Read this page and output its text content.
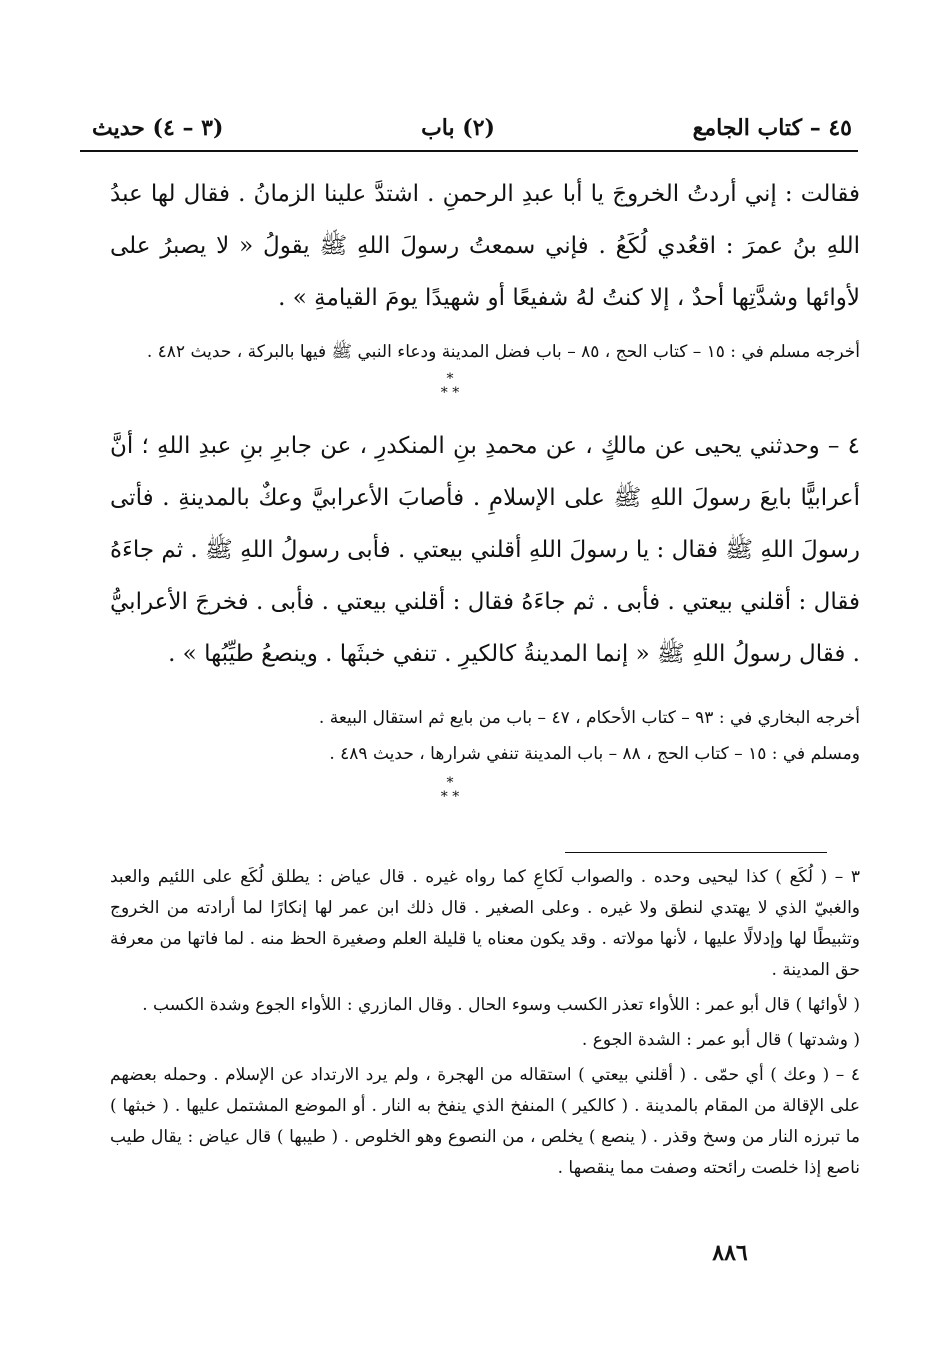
٤٥ – كتاب الجامع
(٢) باب
(٣ – ٤) حديث
فقالت : إني أردتُ الخروجَ يا أبا عبدِ الرحمنِ . اشتدَّ علينا الزمانُ . فقال لها عبدُ اللهِ بنُ عمرَ : اقعُدي لُكَعُ . فإني سمعتُ رسولَ اللهِ ﷺ يقولُ « لا يصبرُ على لأوائها وشدَّتِها أحدٌ ، إلا كنتُ لهُ شفيعًا أو شهيدًا يومَ القيامةِ » .
أخرجه مسلم في : ١٥ – كتاب الحج ، ٨٥ – باب فضل المدينة ودعاء النبي ﷺ فيها بالبركة ، حديث ٤٨٢ .
*
* *
٤ – وحدثني يحيى عن مالكٍ ، عن محمدِ بنِ المنكدرِ ، عن جابرِ بنِ عبدِ اللهِ ؛ أنَّ أعرابيًّا بايعَ رسولَ اللهِ ﷺ على الإسلامِ . فأصابَ الأعرابيَّ وعكٌ بالمدينةِ . فأتى رسولَ اللهِ ﷺ فقال : يا رسولَ اللهِ أقلني بيعتي . فأبى رسولُ اللهِ ﷺ . ثم جاءَهُ فقال : أقلني بيعتي . فأبى . ثم جاءَهُ فقال : أقلني بيعتي . فأبى . فخرجَ الأعرابيُّ . فقال رسولُ اللهِ ﷺ « إنما المدينةُ كالكيرِ . تنفي خبثَها . وينصعُ طيِّبُها » .
أخرجه البخاري في : ٩٣ – كتاب الأحكام ، ٤٧ – باب من بايع ثم استقال البيعة .
ومسلم في : ١٥ – كتاب الحج ، ٨٨ – باب المدينة تنفي شرارها ، حديث ٤٨٩ .
*
* *

٣ – ( لُكَع ) كذا ليحيى وحده . والصواب لَكاعِ كما رواه غيره . قال عياض : يطلق لُكَع على اللئيم والعبد والغبيّ الذي لا يهتدي لنطق ولا غيره . وعلى الصغير . قال ذلك ابن عمر لها إنكارًا لما أرادته من الخروج وتثبيطًا لها وإدلالًا عليها ، لأنها مولاته . وقد يكون معناه يا قليلة العلم وصغيرة الحظ منه . لما فاتها من معرفة حق المدينة .

( لأوائها ) قال أبو عمر : اللأواء تعذر الكسب وسوء الحال . وقال المازري : اللأواء الجوع وشدة الكسب .

( وشدتها ) قال أبو عمر : الشدة الجوع .

٤ – ( وعك ) أي حمّى . ( أقلني بيعتي ) استقاله من الهجرة ، ولم يرد الارتداد عن الإسلام . وحمله بعضهم على الإقالة من المقام بالمدينة . ( كالكير ) المنفخ الذي ينفخ به النار . أو الموضع المشتمل عليها . ( خبثها ) ما تبرزه النار من وسخ وقذر . ( ينصع ) يخلص ، من النصوع وهو الخلوص . ( طيبها ) قال عياض : يقال طيب ناصع إذا خلصت رائحته وصفت مما ينقصها .

٨٨٦
